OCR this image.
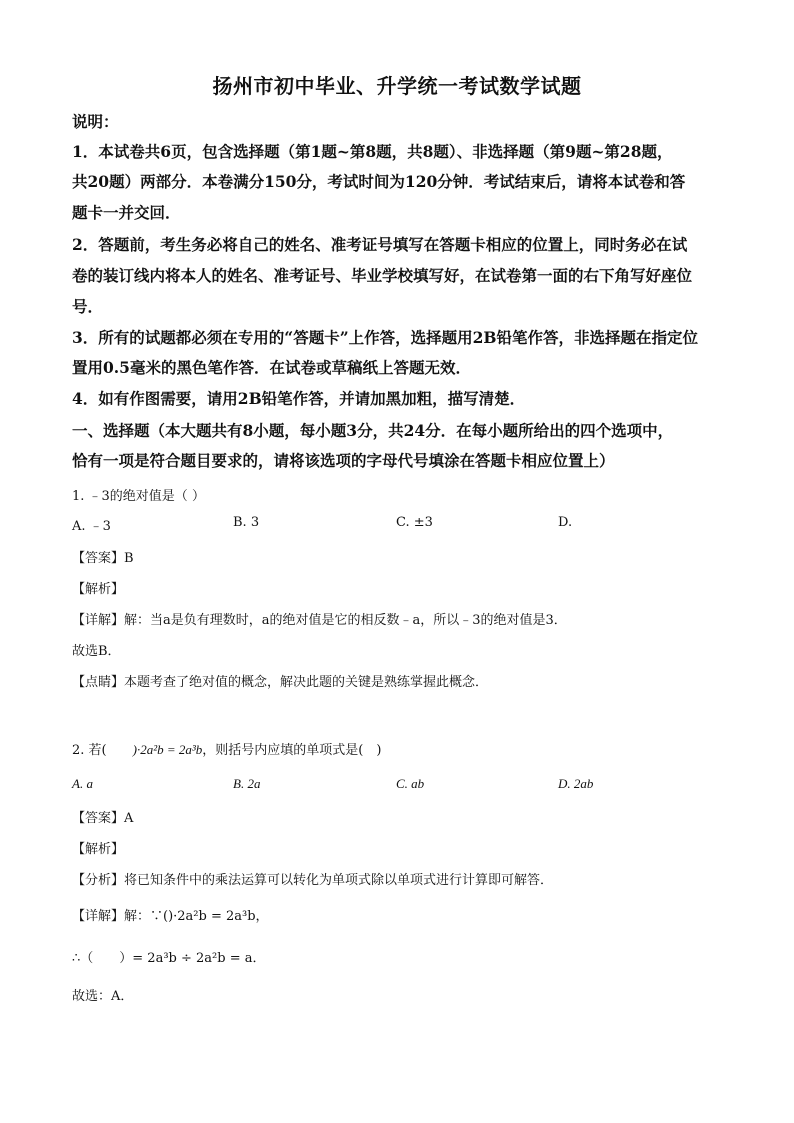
扬州市初中毕业、升学统一考试数学试题
说明：
1．本试卷共6页，包含选择题（第1题~第8题，共8题）、非选择题（第9题~第28题，
共20题）两部分．本卷满分150分，考试时间为120分钟．考试结束后，请将本试卷和答
题卡一并交回．
2．答题前，考生务必将自己的姓名、准考证号填写在答题卡相应的位置上，同时务必在试
卷的装订线内将本人的姓名、准考证号、毕业学校填写好，在试卷第一面的右下角写好座位
号．
3．所有的试题都必须在专用的“答题卡”上作答，选择题用2B铅笔作答，非选择题在指定位
置用0.5毫米的黑色笔作答．在试卷或草稿纸上答题无效．
4．如有作图需要，请用2B铅笔作答，并请加黑加粗，描写清楚．
一、选择题（本大题共有8小题，每小题3分，共24分．在每小题所给出的四个选项中，
恰有一项是符合题目要求的，请将该选项的字母代号填涂在答题卡相应位置上）
1. ﹣3的绝对值是（ ）
A. ﹣3	B. 3	C. ±3	D.
【答案】B
【解析】
【详解】解：当a是负有理数时，a的绝对值是它的相反数﹣a，所以﹣3的绝对值是3．
故选B．
【点睛】本题考查了绝对值的概念，解决此题的关键是熟练掌握此概念．
2. 若(　　)·2a²b = 2a³b，则括号内应填的单项式是(　)
A. a	B. 2a	C. ab	D. 2ab
【答案】A
【解析】
【分析】将已知条件中的乘法运算可以转化为单项式除以单项式进行计算即可解答．
【详解】解：∵()·2a²b = 2a³b，
∴（　　）= 2a³b ÷ 2a²b = a．
故选：A．
